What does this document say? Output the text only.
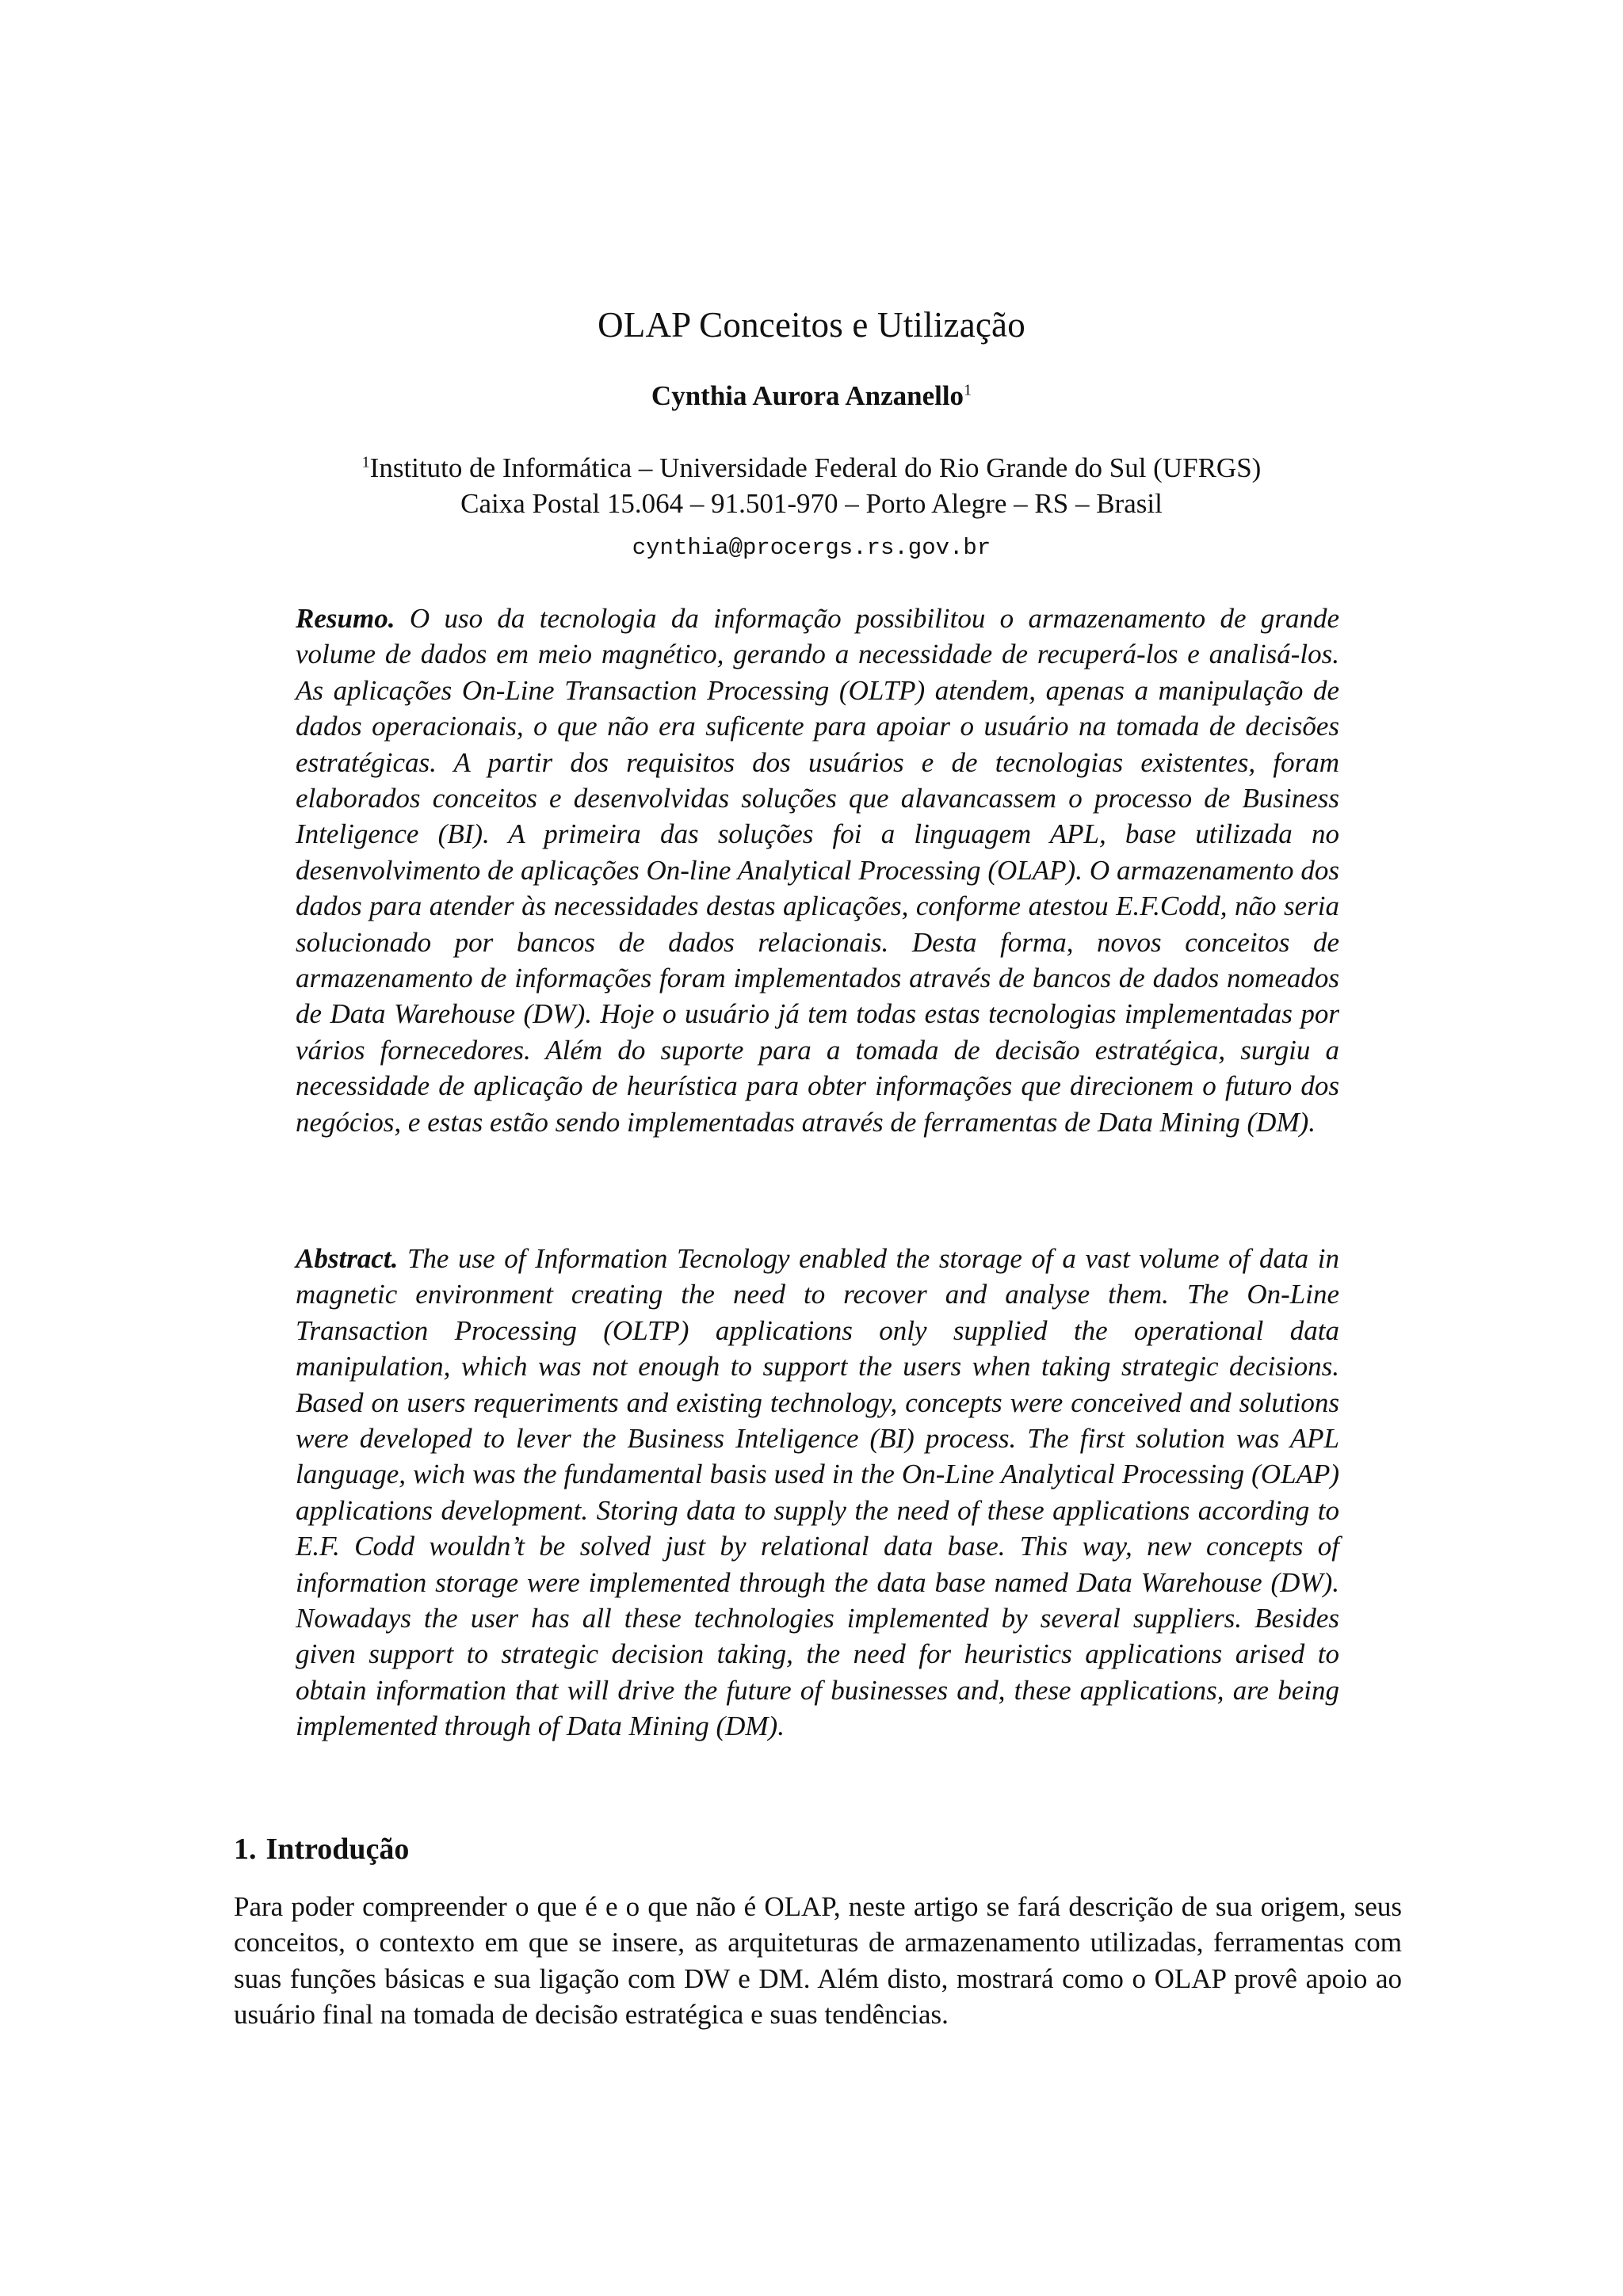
OLAP Conceitos e Utilização

Cynthia Aurora Anzanello$^1$

$^1$Instituto de Informática – Universidade Federal do Rio Grande do Sul (UFRGS)
Caixa Postal 15.064 – 91.501-970 – Porto Alegre – RS – Brasil

cynthia@procergs.rs.gov.br

Resumo. O uso da tecnologia da informação possibilitou o armazenamento de grande volume de dados em meio magnético, gerando a necessidade de recuperá-los e analisá-los. As aplicações On-Line Transaction Processing (OLTP) atendem, apenas a manipulação de dados operacionais, o que não era suficente para apoiar o usuário na tomada de decisões estratégicas. A partir dos requisitos dos usuários e de tecnologias existentes, foram elaborados conceitos e desenvolvidas soluções que alavancassem o processo de Business Inteligence (BI). A primeira das soluções foi a linguagem APL, base utilizada no desenvolvimento de aplicações On-line Analytical Processing (OLAP). O armazenamento dos dados para atender às necessidades destas aplicações, conforme atestou E.F.Codd, não seria solucionado por bancos de dados relacionais. Desta forma, novos conceitos de armazenamento de informações foram implementados através de bancos de dados nomeados de Data Warehouse (DW). Hoje o usuário já tem todas estas tecnologias implementadas por vários fornecedores. Além do suporte para a tomada de decisão estratégica, surgiu a necessidade de aplicação de heurística para obter informações que direcionem o futuro dos negócios, e estas estão sendo implementadas através de ferramentas de Data Mining (DM).

Abstract. The use of Information Tecnology enabled the storage of a vast volume of data in magnetic environment creating the need to recover and analyse them. The On-Line Transaction Processing (OLTP) applications only supplied the operational data manipulation, which was not enough to support the users when taking strategic decisions. Based on users requeriments and existing technology, concepts were conceived and solutions were developed to lever the Business Inteligence (BI) process. The first solution was APL language, wich was the fundamental basis used in the On-Line Analytical Processing (OLAP) applications development. Storing data to supply the need of these applications according to E.F. Codd wouldn’t be solved just by relational data base. This way, new concepts of information storage were implemented through the data base named Data Warehouse (DW). Nowadays the user has all these technologies implemented by several suppliers. Besides given support to strategic decision taking, the need for heuristics applications arised to obtain information that will drive the future of businesses and, these applications, are being implemented through of Data Mining (DM).

1. Introdução

Para poder compreender o que é e o que não é OLAP, neste artigo se fará descrição de sua origem, seus conceitos, o contexto em que se insere, as arquiteturas de armazenamento utilizadas, ferramentas com suas funções básicas e sua ligação com DW e DM. Além disto, mostrará como o OLAP provê apoio ao usuário final na tomada de decisão estratégica e suas tendências.
